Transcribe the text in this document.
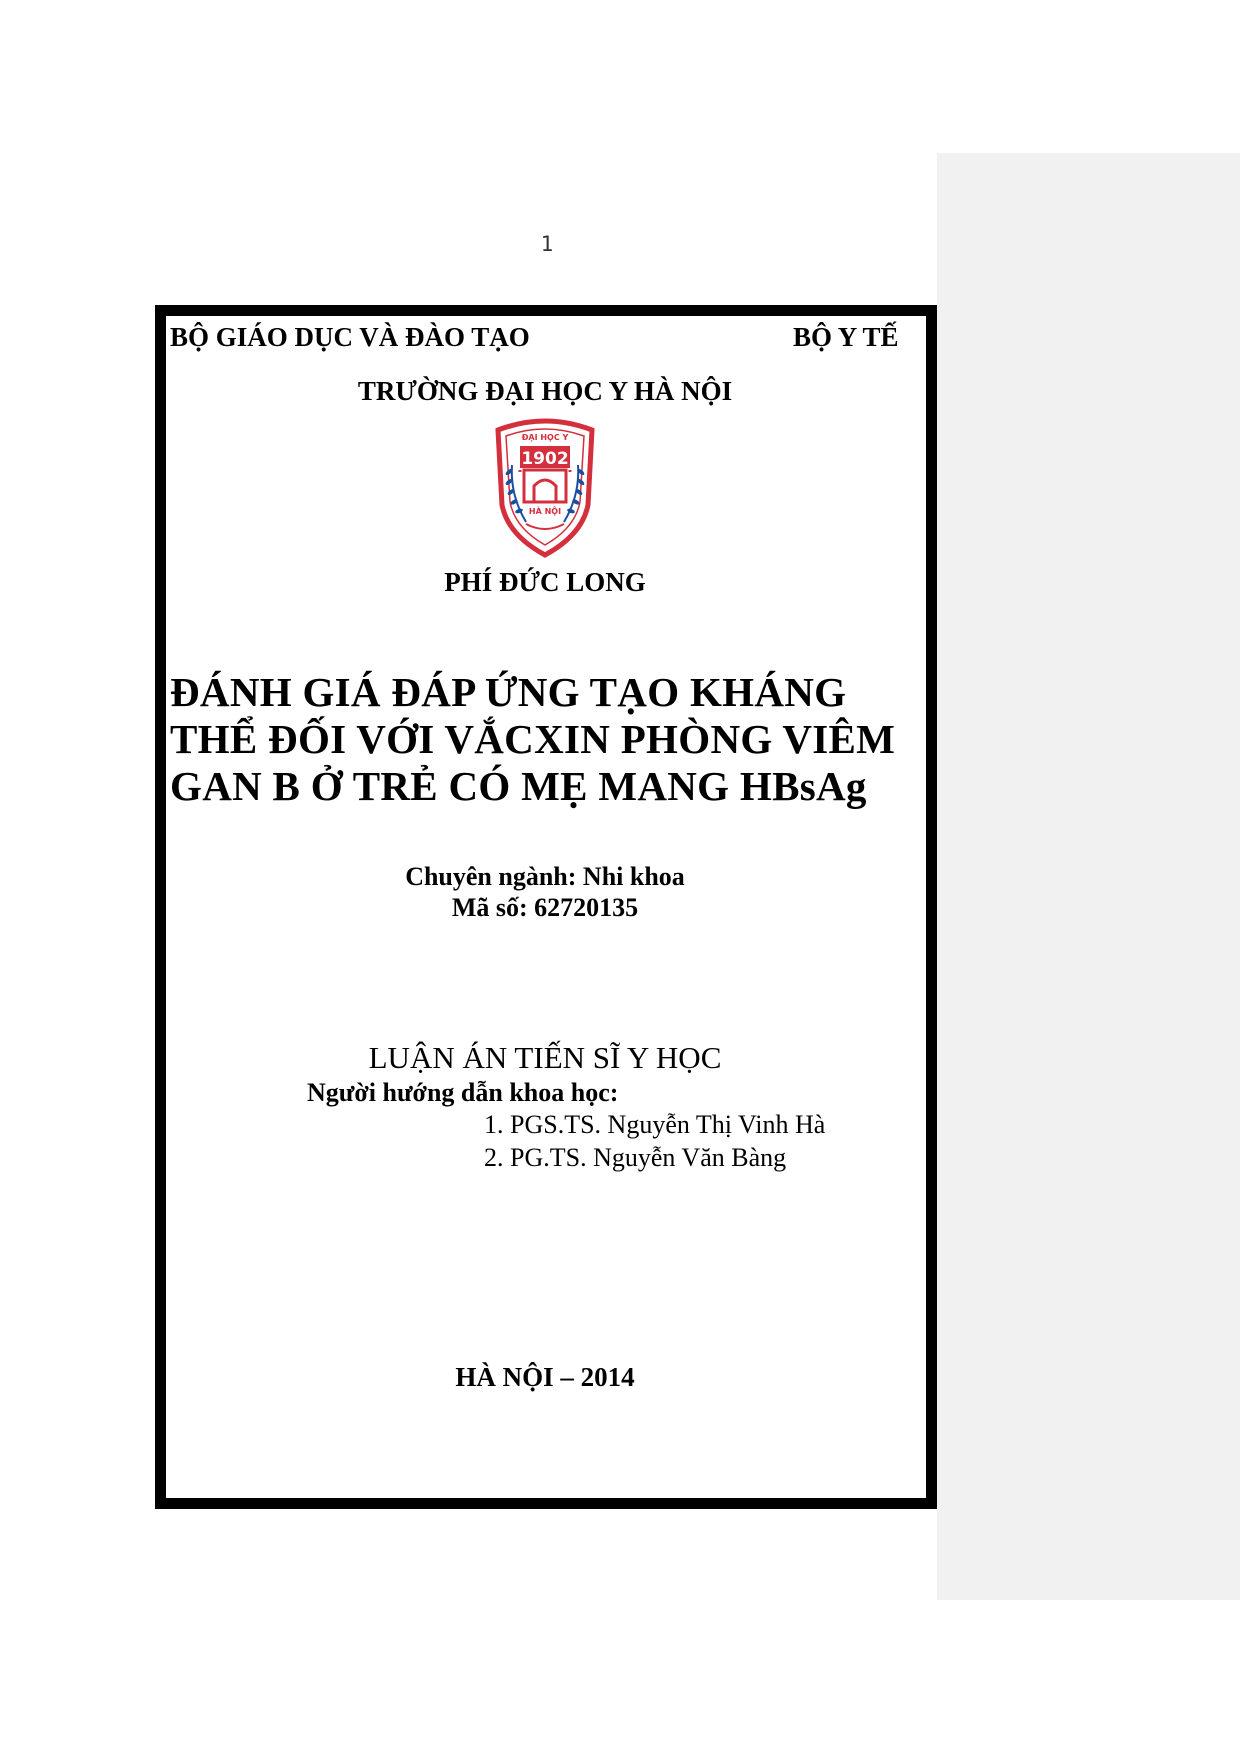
1
BỘ GIÁO DỤC VÀ ĐÀO TẠO	BỘ Y TẾ
TRƯỜNG ĐẠI HỌC Y HÀ NỘI
ĐẠI HỌC Y
1902
HÀ NỘI
PHÍ ĐỨC LONG
ĐÁNH GIÁ ĐÁP ỨNG TẠO KHÁNG
THỂ ĐỐI VỚI VẮCXIN PHÒNG VIÊM
GAN B Ở TRẺ CÓ MẸ MANG HBsAg
Chuyên ngành: Nhi khoa
Mã số: 62720135
LUẬN ÁN TIẾN SĨ Y HỌC
Người hướng dẫn khoa học:
1. PGS.TS. Nguyễn Thị Vinh Hà
2. PG.TS. Nguyễn Văn Bàng
HÀ NỘI – 2014
